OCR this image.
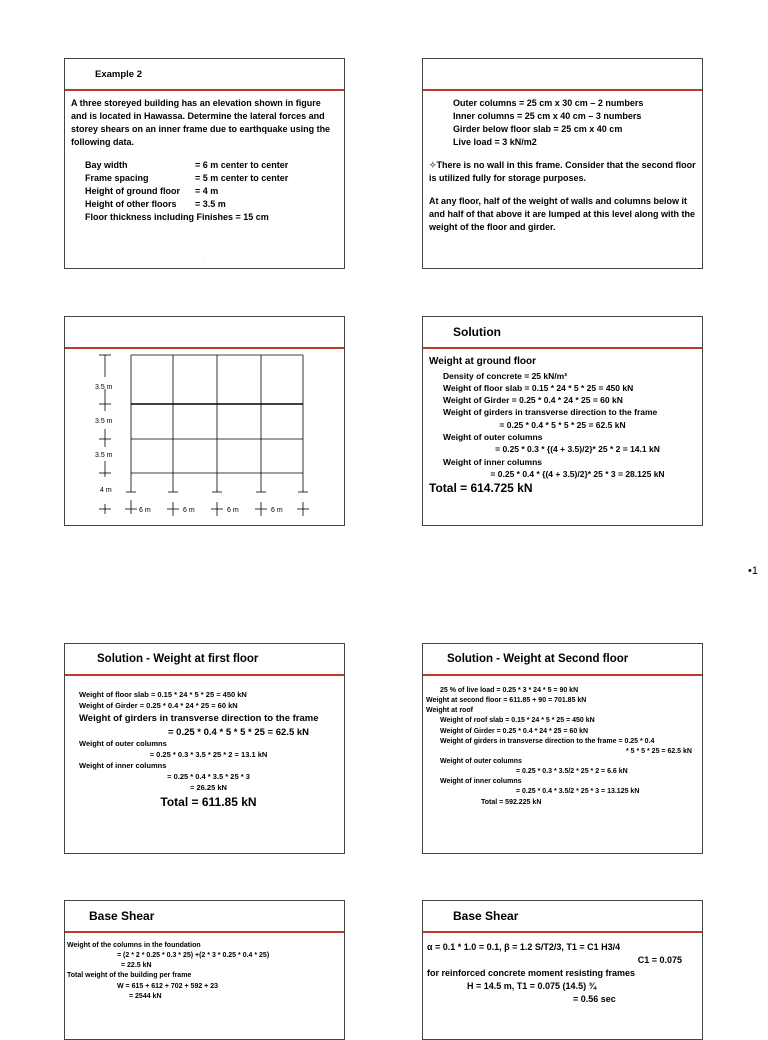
•1
Example 2
A three storeyed building has an elevation shown in figure and is located in Hawassa. Determine the lateral forces and storey shears on an inner frame due to earthquake using the following data.
Bay width	= 6 m center to center
Frame spacing	= 5 m center to center
Height of ground floor	= 4 m
Height of other floors	= 3.5 m
Floor thickness including Finishes = 15 cm
—
Outer columns = 25 cm x 30 cm – 2 numbers
Inner columns = 25 cm x 40 cm – 3 numbers
Girder below floor slab = 25 cm x 40 cm
Live load = 3 kN/m2
✧There is no wall in this frame. Consider that the second floor is utilized fully for storage purposes.
At any floor, half of the weight of walls and columns below it and half of that above it are lumped at this level along with the weight of the floor and girder.
3.5 m
3.5 m
3.5 m
4 m
6 m	6 m	6 m	6 m
Solution
Weight at ground floor
Density of concrete = 25 kN/m³
Weight of floor slab = 0.15 * 24 * 5 * 25 = 450 kN
Weight of Girder = 0.25 * 0.4 * 24 * 25 = 60 kN
Weight of girders in transverse direction to the frame
= 0.25 * 0.4 * 5 * 5 * 25 = 62.5 kN
Weight of outer columns
= 0.25 * 0.3 * {(4 + 3.5)/2}* 25 * 2 = 14.1 kN
Weight of inner columns
= 0.25 * 0.4 * {(4 + 3.5)/2}* 25 * 3 = 28.125 kN
Total = 614.725 kN
Solution - Weight at first floor
Weight of floor slab = 0.15 * 24 * 5 * 25 = 450 kN
Weight of Girder = 0.25 * 0.4 * 24 * 25 = 60 kN
Weight of girders in transverse direction to the frame
= 0.25 * 0.4 * 5 * 5 * 25 = 62.5 kN
Weight of outer columns
= 0.25 * 0.3 * 3.5 * 25 * 2 = 13.1 kN
Weight of inner columns
= 0.25 * 0.4 * 3.5 * 25 * 3
= 26.25 kN
Total = 611.85 kN
Solution - Weight at Second floor
25 % of live load = 0.25 * 3 * 24 * 5 = 90 kN
Weight at second floor = 611.85 + 90 = 701.85 kN
Weight at roof
Weight of roof slab = 0.15 * 24 * 5 * 25 = 450 kN
Weight of Girder = 0.25 * 0.4 * 24 * 25 = 60 kN
Weight of girders in transverse direction to the frame = 0.25 * 0.4
* 5 * 5 * 25 = 62.5 kN
Weight of outer columns
= 0.25 * 0.3 * 3.5/2 * 25 * 2 = 6.6 kN
Weight of inner columns
= 0.25 * 0.4 * 3.5/2 * 25 * 3 = 13.125 kN
Total = 592.225 kN
Base Shear
Weight of the columns in the foundation
= (2 * 2 * 0.25 * 0.3 * 25) +(2 * 3 * 0.25 * 0.4 * 25)
= 22.5 kN
Total weight of the building per frame
W = 615 + 612 + 702 + 592 + 23
= 2544 kN
Base Shear
α = 0.1 * 1.0 = 0.1, β = 1.2 S/T2/3, T1 = C1 H3/4
C1 = 0.075
for reinforced concrete moment resisting frames
H = 14.5 m, T1 = 0.075 (14.5) ¾
= 0.56 sec
